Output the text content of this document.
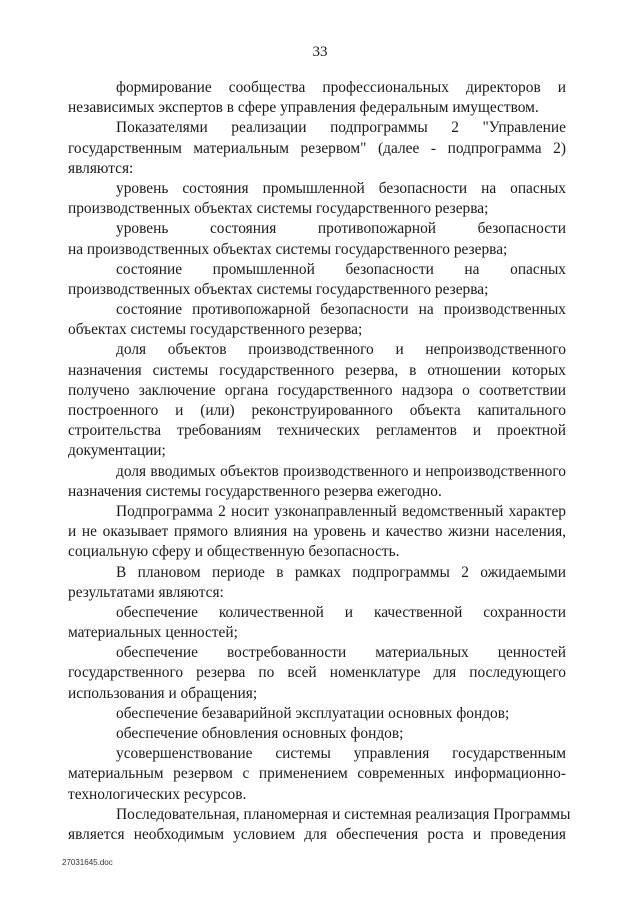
33
формирование сообщества профессиональных директоров и
независимых экспертов в сфере управления федеральным имуществом.
Показателями реализации подпрограммы 2 "Управление
государственным материальным резервом" (далее - подпрограмма 2)
являются:
уровень состояния промышленной безопасности на опасных
производственных объектах системы государственного резерва;
уровень состояния противопожарной безопасности
на производственных объектах системы государственного резерва;
состояние промышленной безопасности на опасных
производственных объектах системы государственного резерва;
состояние противопожарной безопасности на производственных
объектах системы государственного резерва;
доля объектов производственного и непроизводственного
назначения системы государственного резерва, в отношении которых
получено заключение органа государственного надзора о соответствии
построенного и (или) реконструированного объекта капитального
строительства требованиям технических регламентов и проектной
документации;
доля вводимых объектов производственного и непроизводственного
назначения системы государственного резерва ежегодно.
Подпрограмма 2 носит узконаправленный ведомственный характер
и не оказывает прямого влияния на уровень и качество жизни населения,
социальную сферу и общественную безопасность.
В плановом периоде в рамках подпрограммы 2 ожидаемыми
результатами являются:
обеспечение количественной и качественной сохранности
материальных ценностей;
обеспечение востребованности материальных ценностей
государственного резерва по всей номенклатуре для последующего
использования и обращения;
обеспечение безаварийной эксплуатации основных фондов;
обеспечение обновления основных фондов;
усовершенствование системы управления государственным
материальным резервом с применением современных информационно-
технологических ресурсов.
Последовательная, планомерная и системная реализация Программы
является необходимым условием для обеспечения роста и проведения
27031645.doc
